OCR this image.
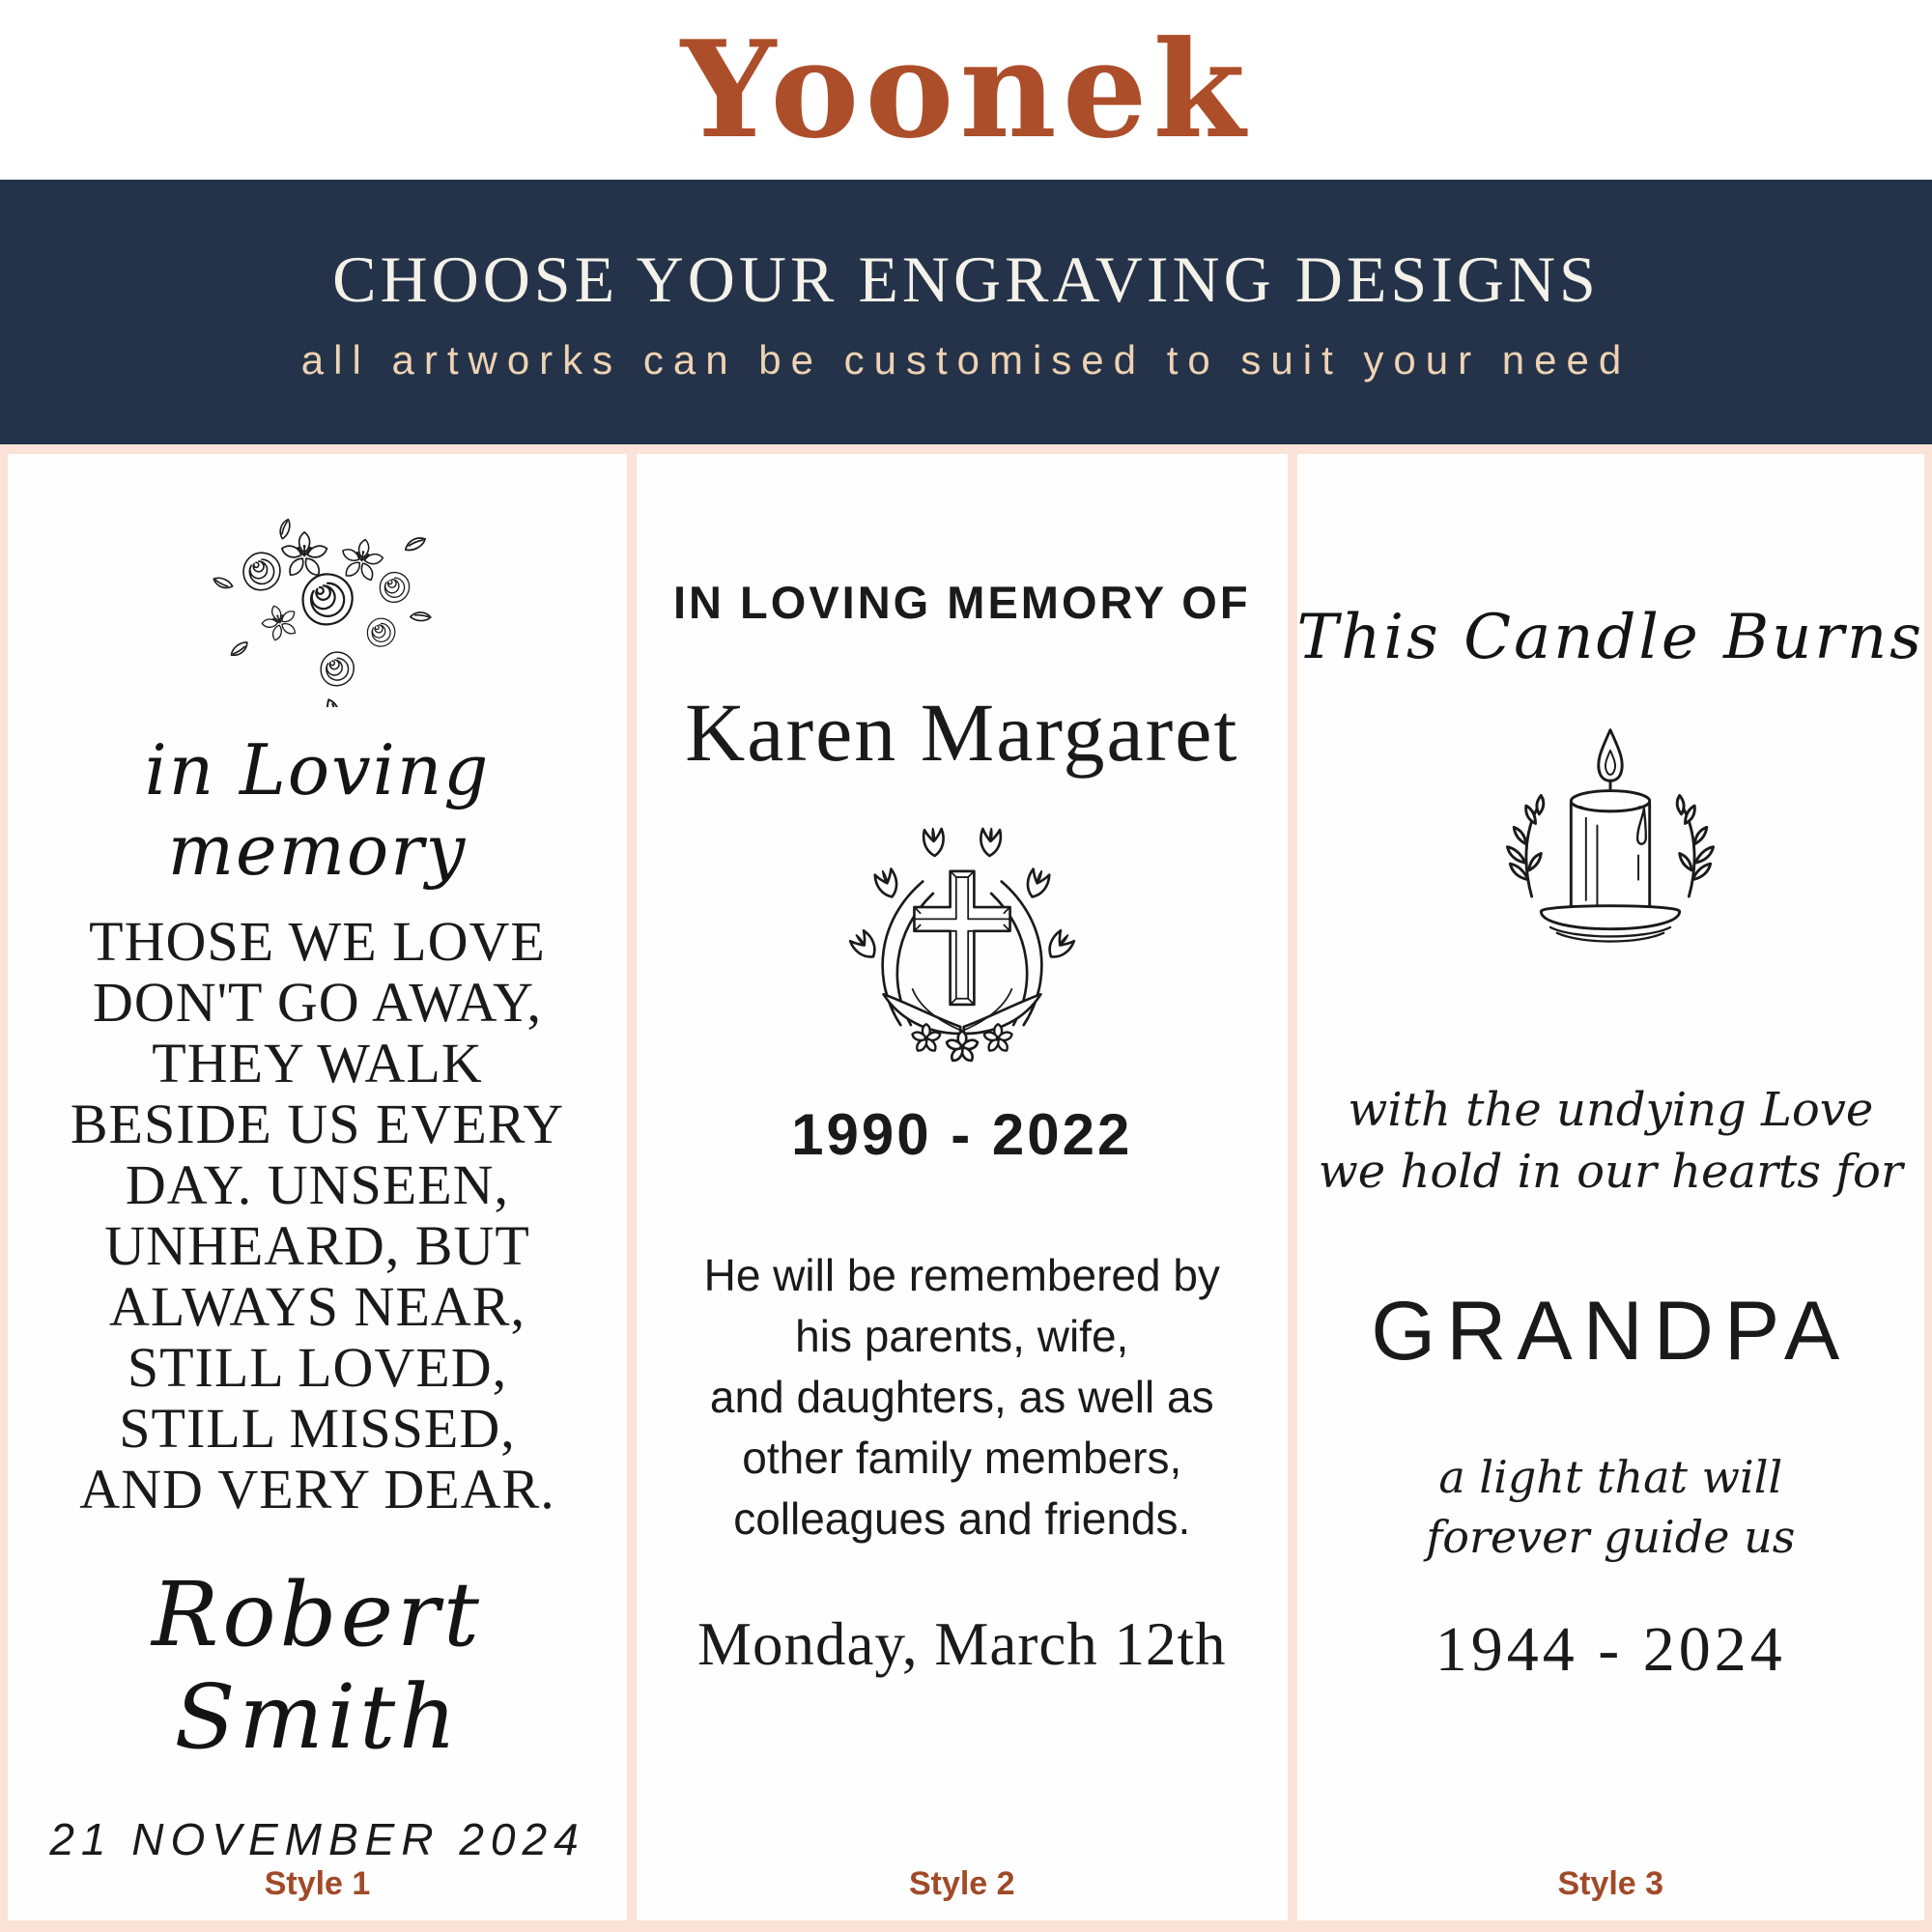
Yoonek
CHOOSE YOUR ENGRAVING DESIGNS

all artworks can be customised to suit your need

in Loving memory
THOSE WE LOVE
DON'T GO AWAY,
THEY WALK
BESIDE US EVERY
DAY. UNSEEN,
UNHEARD, BUT
ALWAYS NEAR,
STILL LOVED,
STILL MISSED,
AND VERY DEAR.
Robert Smith
21 NOVEMBER 2024
Style 1
IN LOVING MEMORY OF
Karen Margaret
1990 - 2022
He will be remembered by
his parents, wife,
and daughters, as well as
other family members,
colleagues and friends.
Monday, March 12th
Style 2
This Candle Burns
with the undying Love
we hold in our hearts for
GRANDPA
a light that will
forever guide us
1944 - 2024
Style 3
